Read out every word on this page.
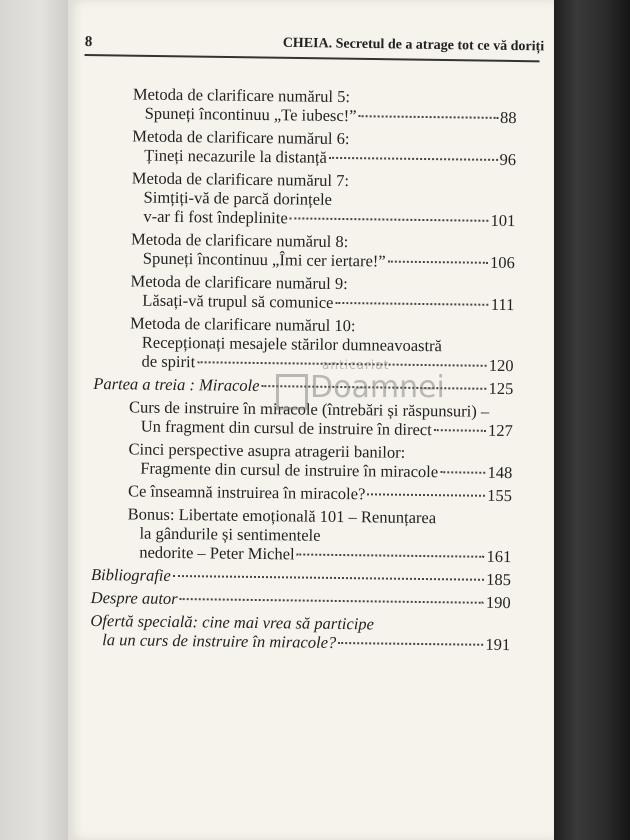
8	CHEIA. Secretul de a atrage tot ce vă doriți
Metoda de clarificare numărul 5:
Spuneți încontinuu „Te iubesc!”	88
Metoda de clarificare numărul 6:
Țineți necazurile la distanță	96
Metoda de clarificare numărul 7:
Simțiți-vă de parcă dorințele
v-ar fi fost îndeplinite	101
Metoda de clarificare numărul 8:
Spuneți încontinuu „Îmi cer iertare!”	106
Metoda de clarificare numărul 9:
Lăsați-vă trupul să comunice	111
Metoda de clarificare numărul 10:
Recepționați mesajele stărilor dumneavoastră
de spirit	120
Partea a treia : Miracole	125
Curs de instruire în miracole (întrebări și răspunsuri) –
Un fragment din cursul de instruire în direct	127
Cinci perspective asupra atragerii banilor:
Fragmente din cursul de instruire în miracole	148
Ce înseamnă instruirea în miracole?	155
Bonus: Libertate emoțională 101 – Renunțarea
la gândurile și sentimentele
nedorite – Peter Michel	161
Bibliografie	185
Despre autor	190
Ofertă specială: cine mai vrea să participe
la un curs de instruire în miracole?	191
anticariat
Doamnei
